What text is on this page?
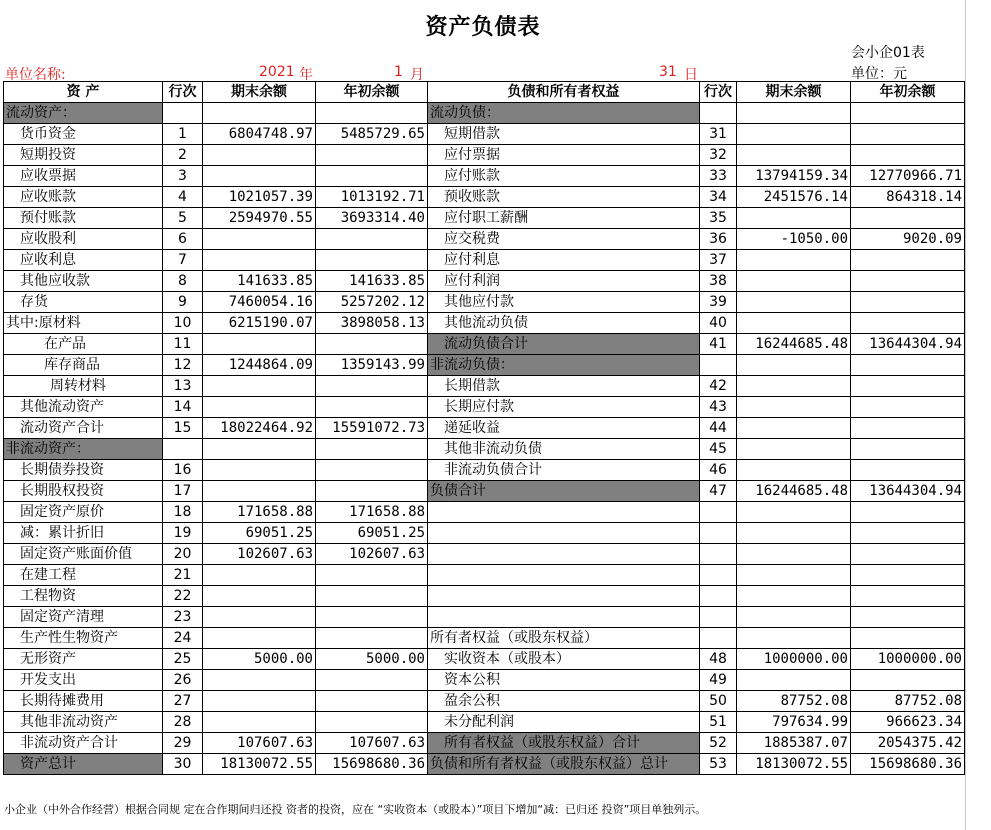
资产负债表
会小企01表
单位：元
单位名称:	2021 年	1 月	31 日
资 产	行次	期末余额	年初余额	负债和所有者权益	行次	期末余额	年初余额
流动资产：				流动负债：			
货币资金	1	6804748.97	5485729.65	短期借款	31		
短期投资	2			应付票据	32		
应收票据	3			应付账款	33	13794159.34	12770966.71
应收账款	4	1021057.39	1013192.71	预收账款	34	2451576.14	864318.14
预付账款	5	2594970.55	3693314.40	应付职工薪酬	35		
应收股利	6			应交税费	36	-1050.00	9020.09
应收利息	7			应付利息	37		
其他应收款	8	141633.85	141633.85	应付利润	38		
存货	9	7460054.16	5257202.12	其他应付款	39		
其中:原材料	10	6215190.07	3898058.13	其他流动负债	40		
在产品	11			流动负债合计	41	16244685.48	13644304.94
库存商品	12	1244864.09	1359143.99	非流动负债：			
周转材料	13			长期借款	42		
其他流动资产	14			长期应付款	43		
流动资产合计	15	18022464.92	15591072.73	递延收益	44		
非流动资产：				其他非流动负债	45		
长期债券投资	16			非流动负债合计	46		
长期股权投资	17			负债合计	47	16244685.48	13644304.94
固定资产原价	18	171658.88	171658.88				
减：累计折旧	19	69051.25	69051.25				
固定资产账面价值	20	102607.63	102607.63				
在建工程	21						
工程物资	22						
固定资产清理	23						
生产性生物资产	24			所有者权益（或股东权益）			
无形资产	25	5000.00	5000.00	实收资本（或股本）	48	1000000.00	1000000.00
开发支出	26			资本公积	49		
长期待摊费用	27			盈余公积	50	87752.08	87752.08
其他非流动资产	28			未分配利润	51	797634.99	966623.34
非流动资产合计	29	107607.63	107607.63	所有者权益（或股东权益）合计	52	1885387.07	2054375.42
资产总计	30	18130072.55	15698680.36	负债和所有者权益（或股东权益）总计	53	18130072.55	15698680.36
小企业（中外合作经营）根据合同规 定在合作期间归还投 资者的投资，应在 “实收资本（或股本）”项目下增加“减：已归还 投资”项目单独列示。
